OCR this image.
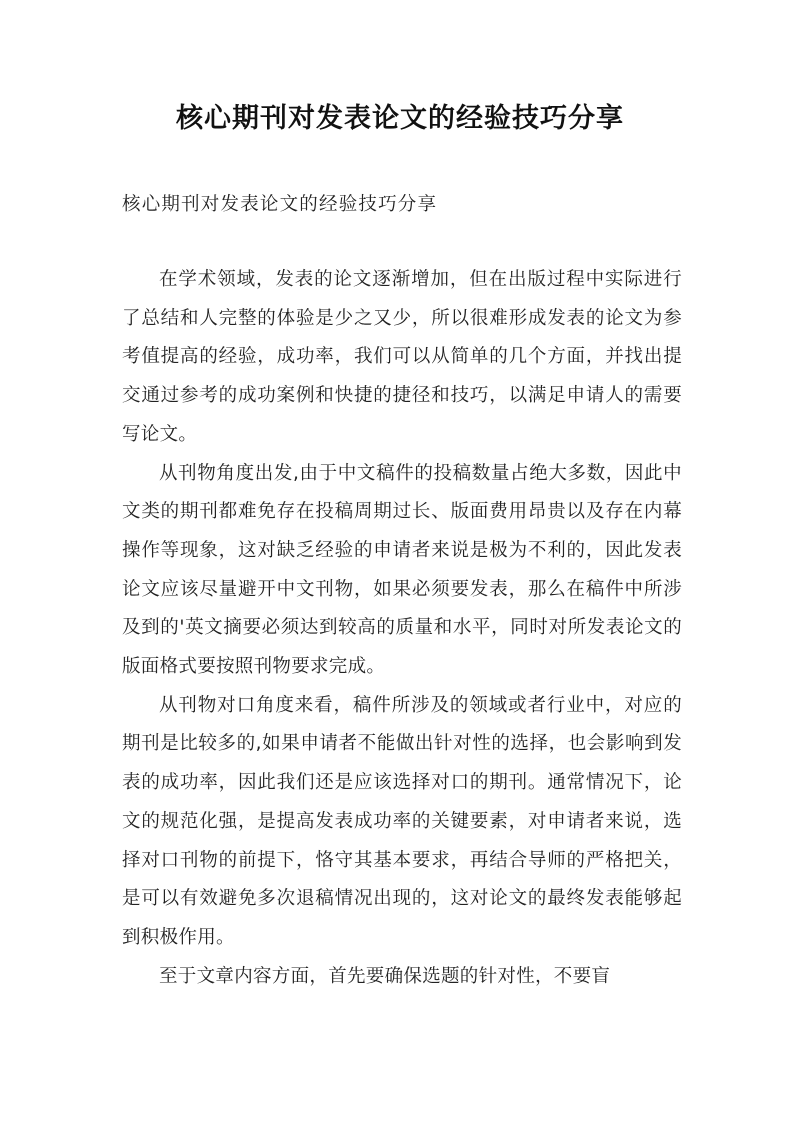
核心期刊对发表论文的经验技巧分享
核心期刊对发表论文的经验技巧分享

在学术领域，发表的论文逐渐增加，但在出版过程中实际进行了总结和人完整的体验是少之又少，所以很难形成发表的论文为参考值提高的经验，成功率，我们可以从简单的几个方面，并找出提交通过参考的成功案例和快捷的捷径和技巧，以满足申请人的需要写论文。

从刊物角度出发,由于中文稿件的投稿数量占绝大多数，因此中文类的期刊都难免存在投稿周期过长、版面费用昂贵以及存在内幕操作等现象，这对缺乏经验的申请者来说是极为不利的，因此发表论文应该尽量避开中文刊物，如果必须要发表，那么在稿件中所涉及到的'英文摘要必须达到较高的质量和水平，同时对所发表论文的版面格式要按照刊物要求完成。

从刊物对口角度来看，稿件所涉及的领域或者行业中，对应的期刊是比较多的,如果申请者不能做出针对性的选择，也会影响到发表的成功率，因此我们还是应该选择对口的期刊。通常情况下，论文的规范化强，是提高发表成功率的关键要素，对申请者来说，选择对口刊物的前提下，恪守其基本要求，再结合导师的严格把关，是可以有效避免多次退稿情况出现的，这对论文的最终发表能够起到积极作用。

至于文章内容方面，首先要确保选题的针对性，不要盲
